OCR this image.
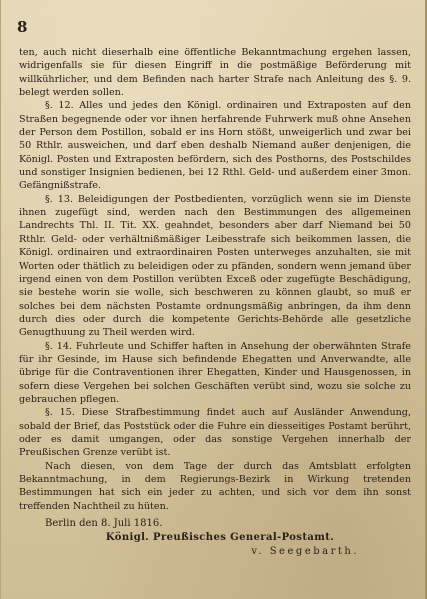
8

ten, auch nicht dieserhalb eine öffentliche Bekanntmachung ergehen lassen, widrigenfalls sie für diesen Eingriff in die postmäßige Beförderung mit willkührlicher, und dem Befinden nach harter Strafe nach Anleitung des §. 9. belegt werden sollen.

§. 12. Alles und jedes den Königl. ordinairen und Extraposten auf den Straßen begegnende oder vor ihnen herfahrende Fuhrwerk muß ohne Ansehen der Person dem Postillon, sobald er ins Horn stößt, unweigerlich und zwar bei 50 Rthlr. ausweichen, und darf eben deshalb Niemand außer denjenigen, die Königl. Posten und Extraposten befördern, sich des Posthorns, des Postschildes und sonstiger Insignien bedienen, bei 12 Rthl. Geld- und außerdem einer 3mon. Gefängnißstrafe.

§. 13. Beleidigungen der Postbedienten, vorzüglich wenn sie im Dienste ihnen zugefügt sind, werden nach den Bestimmungen des allgemeinen Landrechts Thl. II. Tit. XX. geahndet, besonders aber darf Niemand bei 50 Rthlr. Geld- oder verhältnißmäßiger Leibesstrafe sich beikommen lassen, die Königl. ordinairen und extraordinairen Posten unterweges anzuhalten, sie mit Worten oder thätlich zu beleidigen oder zu pfänden, sondern wenn jemand über irgend einen von dem Postillon verübten Exceß oder zugefügte Beschädigung, sie bestehe worin sie wolle, sich beschweren zu können glaubt, so muß er solches bei dem nächsten Postamte ordnungsmäßig anbringen, da ihm denn durch dies oder durch die kompetente Gerichts-Behörde alle gesetzliche Genugthuung zu Theil werden wird.

§. 14. Fuhrleute und Schiffer haften in Ansehung der oberwähnten Strafe für ihr Gesinde, im Hause sich befindende Ehegatten und Anverwandte, alle übrige für die Contraventionen ihrer Ehegatten, Kinder und Hausgenossen, in sofern diese Vergehen bei solchen Geschäften verübt sind, wozu sie solche zu gebrauchen pflegen.

§. 15. Diese Strafbestimmung findet auch auf Ausländer Anwendung, sobald der Brief, das Poststück oder die Fuhre ein diesseitiges Postamt berührt, oder es damit umgangen, oder das sonstige Vergehen innerhalb der Preußischen Grenze verübt ist.

Nach diesen, von dem Tage der durch das Amtsblatt erfolgten Bekanntmachung, in dem Regierungs-Bezirk in Wirkung tretenden Bestimmungen hat sich ein jeder zu achten, und sich vor dem ihn sonst treffenden Nachtheil zu hüten.

Berlin den 8. Juli 1816.
Königl. Preußisches General-Postamt.
v. Seegebarth.
